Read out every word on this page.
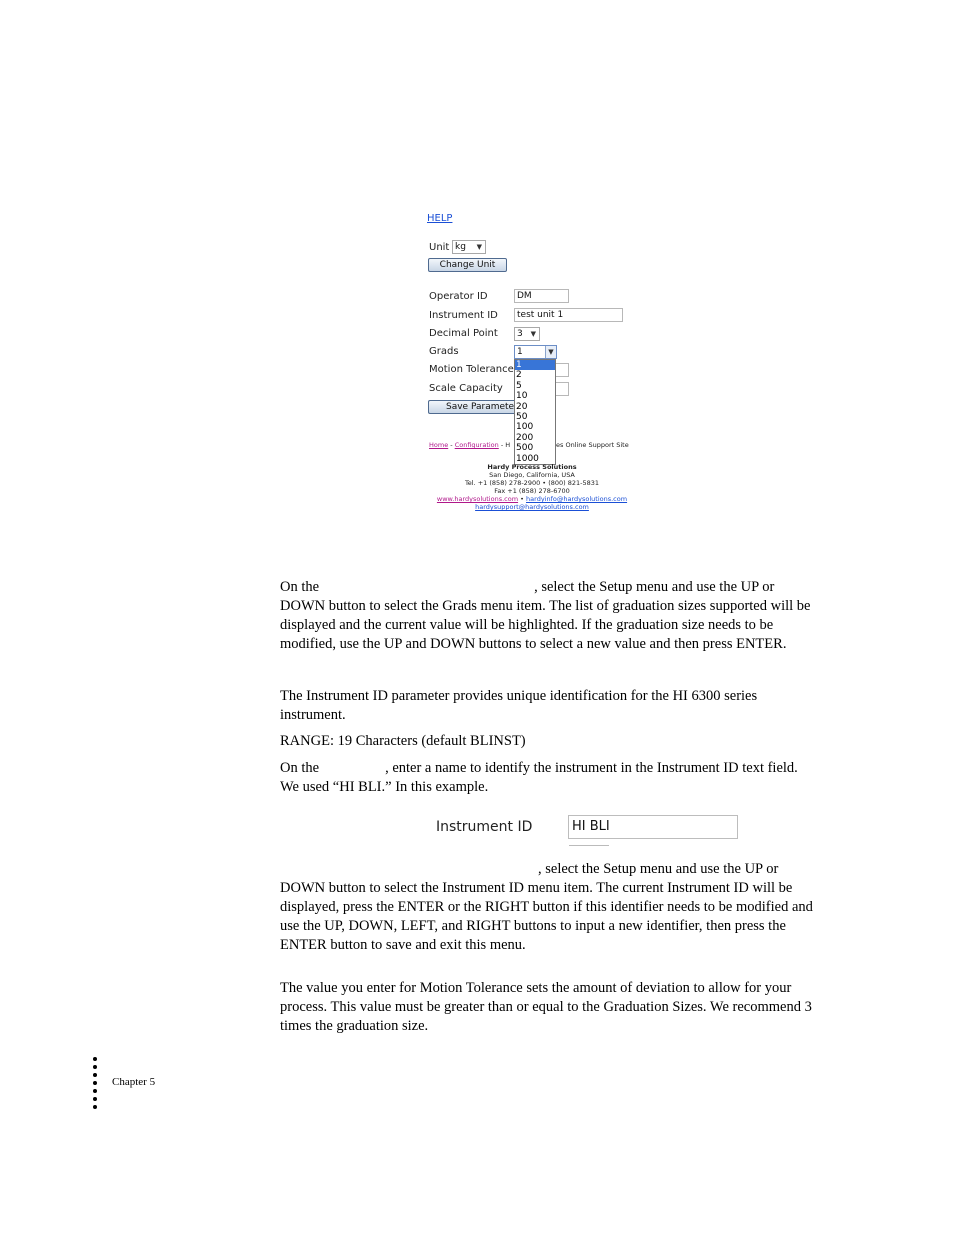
HELP
Unit kg ▼
Change Unit
Operator ID	DM
Instrument ID	test unit 1
Decimal Point	3 ▼
Grads	1	▼
Motion Tolerance
Scale Capacity
Save Paramete
1
2
5
10
20
50
100
200
500
1000
Home - Configuration - H	es Online Support Site
Hardy Process Solutions
San Diego, California, USA
Tel. +1 (858) 278-2900 • (800) 821-5831
Fax +1 (858) 278-6700
www.hardysolutions.com • hardyinfo@hardysolutions.com
hardysupport@hardysolutions.com

On the	, select the Setup menu and use the UP or DOWN button to select the Grads menu item. The list of graduation sizes supported will be displayed and the current value will be highlighted. If the graduation size needs to be modified, use the UP and DOWN buttons to select a new value and then press ENTER.

The Instrument ID parameter provides unique identification for the HI 6300 series instrument.

RANGE: 19 Characters (default BLINST)

On the	, enter a name to identify the instrument in the Instrument ID text field. We used “HI BLI.” In this example.

Instrument ID	HI BLI

, select the Setup menu and use the UP or DOWN button to select the Instrument ID menu item. The current Instrument ID will be displayed, press the ENTER or the RIGHT button if this identifier needs to be modified and use the UP, DOWN, LEFT, and RIGHT buttons to input a new identifier, then press the ENTER button to save and exit this menu.

The value you enter for Motion Tolerance sets the amount of deviation to allow for your process. This value must be greater than or equal to the Graduation Sizes. We recommend 3 times the graduation size.

Chapter 5
